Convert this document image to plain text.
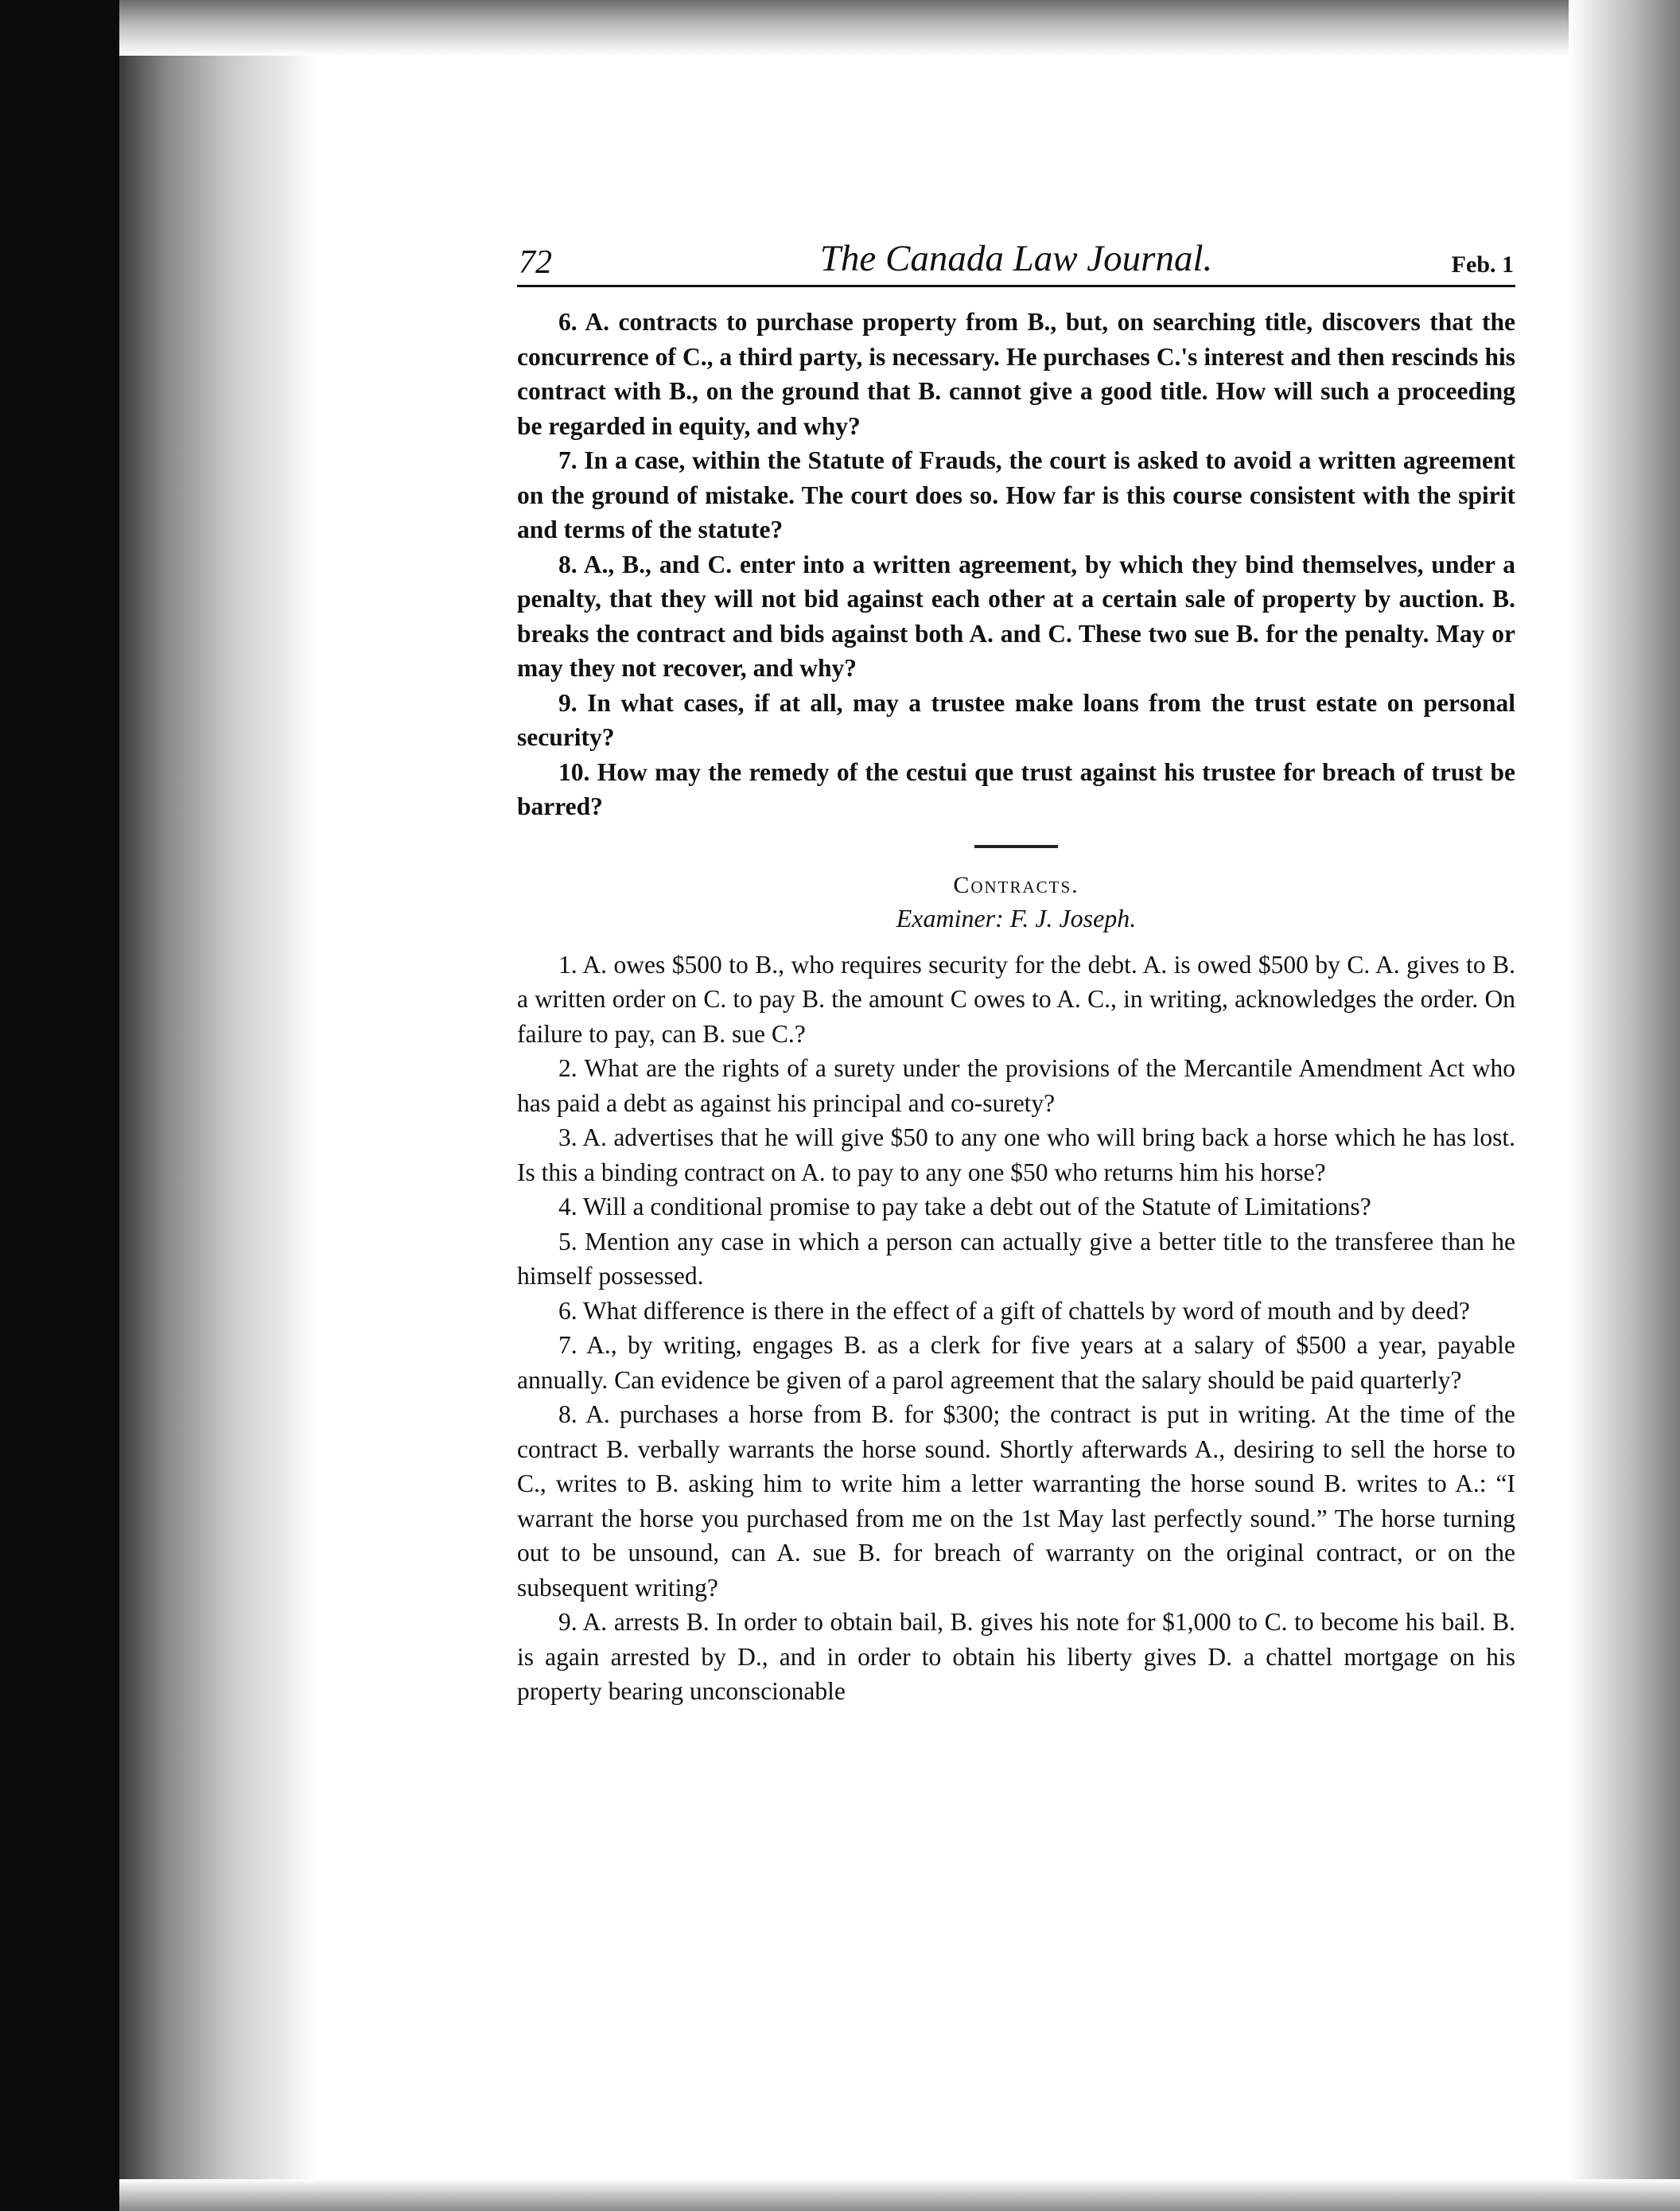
72	The Canada Law Journal.	Feb. 1

6. A. contracts to purchase property from B., but, on searching title, discovers that the concurrence of C., a third party, is necessary. He purchases C.'s interest and then rescinds his contract with B., on the ground that B. cannot give a good title. How will such a proceeding be regarded in equity, and why?

7. In a case, within the Statute of Frauds, the court is asked to avoid a written agreement on the ground of mistake. The court does so. How far is this course consistent with the spirit and terms of the statute?

8. A., B., and C. enter into a written agreement, by which they bind themselves, under a penalty, that they will not bid against each other at a certain sale of property by auction. B. breaks the contract and bids against both A. and C. These two sue B. for the penalty. May or may they not recover, and why?

9. In what cases, if at all, may a trustee make loans from the trust estate on personal security?

10. How may the remedy of the cestui que trust against his trustee for breach of trust be barred?

Contracts.
Examiner: F. J. Joseph.

1. A. owes $500 to B., who requires security for the debt. A. is owed $500 by C. A. gives to B. a written order on C. to pay B. the amount C owes to A. C., in writing, acknowledges the order. On failure to pay, can B. sue C.?

2. What are the rights of a surety under the provisions of the Mercantile Amendment Act who has paid a debt as against his principal and co-surety?

3. A. advertises that he will give $50 to any one who will bring back a horse which he has lost. Is this a binding contract on A. to pay to any one $50 who returns him his horse?

4. Will a conditional promise to pay take a debt out of the Statute of Limitations?

5. Mention any case in which a person can actually give a better title to the transferee than he himself possessed.

6. What difference is there in the effect of a gift of chattels by word of mouth and by deed?

7. A., by writing, engages B. as a clerk for five years at a salary of $500 a year, payable annually. Can evidence be given of a parol agreement that the salary should be paid quarterly?

8. A. purchases a horse from B. for $300; the contract is put in writing. At the time of the contract B. verbally warrants the horse sound. Shortly afterwards A., desiring to sell the horse to C., writes to B. asking him to write him a letter warranting the horse sound B. writes to A.: “I warrant the horse you purchased from me on the 1st May last perfectly sound.” The horse turning out to be unsound, can A. sue B. for breach of warranty on the original contract, or on the subsequent writing?

9. A. arrests B. In order to obtain bail, B. gives his note for $1,000 to C. to become his bail. B. is again arrested by D., and in order to obtain his liberty gives D. a chattel mortgage on his property bearing unconscionable
